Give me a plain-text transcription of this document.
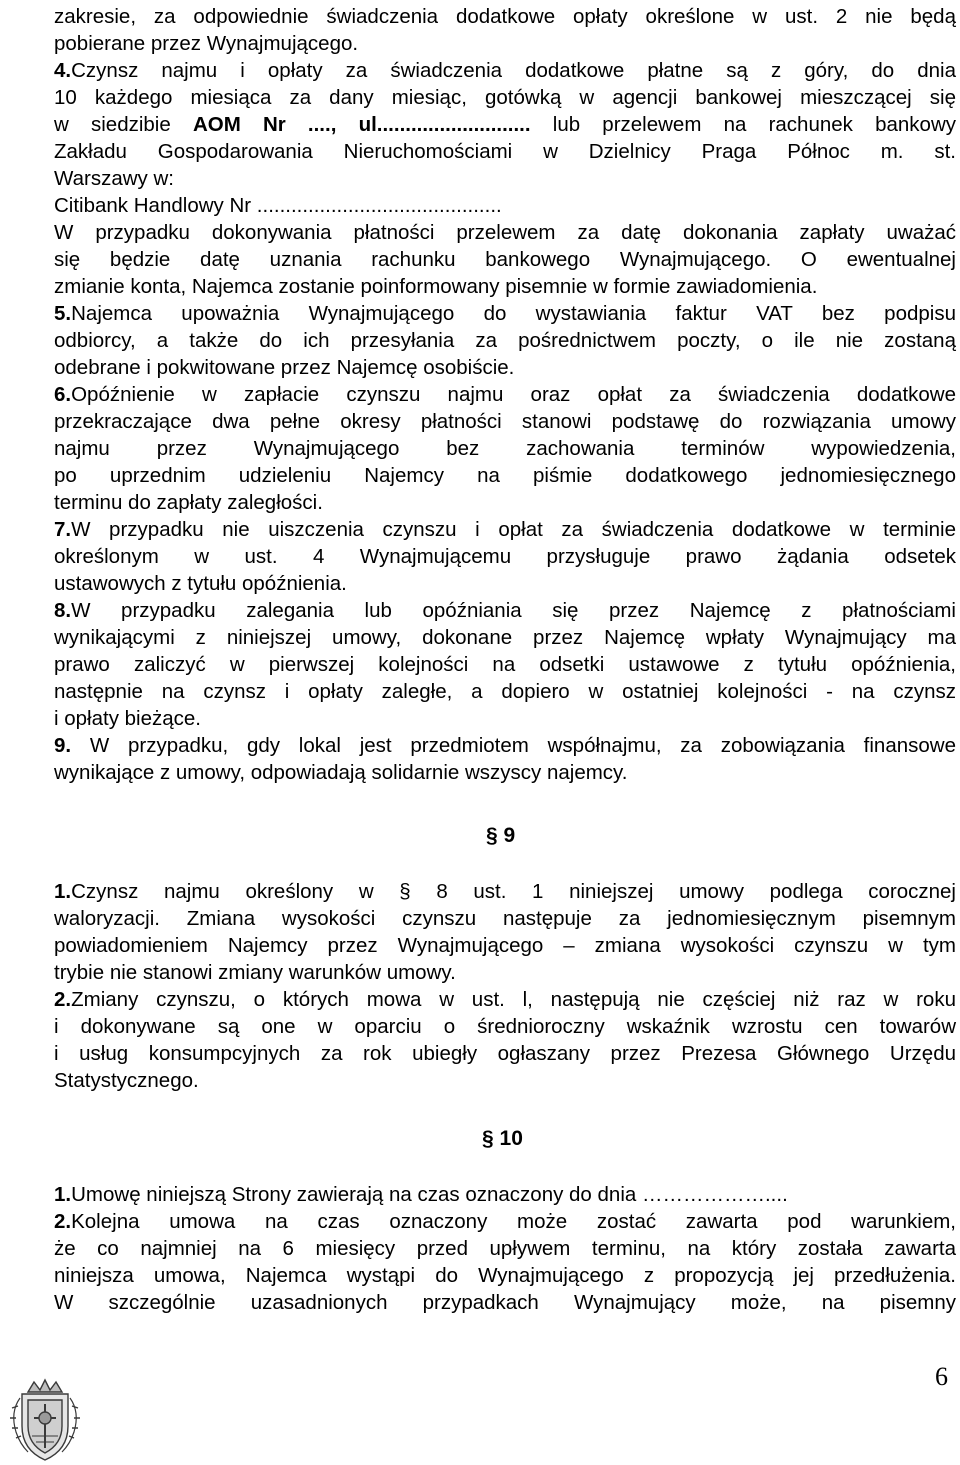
zakresie, za odpowiednie świadczenia dodatkowe opłaty określone w ust. 2 nie będą
pobierane przez Wynajmującego.
4.Czynsz najmu i opłaty za świadczenia dodatkowe płatne są z góry, do dnia
10 każdego miesiąca za dany miesiąc, gotówką w agencji bankowej mieszczącej się
w siedzibie AOM Nr ...., ul........................... lub przelewem na rachunek bankowy
Zakładu Gospodarowania Nieruchomościami w Dzielnicy Praga Północ m. st.
Warszawy w:
Citibank Handlowy Nr ...........................................
W przypadku dokonywania płatności przelewem za datę dokonania zapłaty uważać
się będzie datę uznania rachunku bankowego Wynajmującego. O ewentualnej
zmianie konta, Najemca zostanie poinformowany pisemnie w formie zawiadomienia.
5.Najemca upoważnia Wynajmującego do wystawiania faktur VAT bez podpisu
odbiorcy, a także do ich przesyłania za pośrednictwem poczty, o ile nie zostaną
odebrane i pokwitowane przez Najemcę osobiście.
6.Opóźnienie w zapłacie czynszu najmu oraz opłat za świadczenia dodatkowe
przekraczające dwa pełne okresy płatności stanowi podstawę do rozwiązania umowy
najmu przez Wynajmującego bez zachowania terminów wypowiedzenia,
po uprzednim udzieleniu Najemcy na piśmie dodatkowego jednomiesięcznego
terminu do zapłaty zaległości.
7.W przypadku nie uiszczenia czynszu i opłat za świadczenia dodatkowe w terminie
określonym w ust. 4 Wynajmującemu przysługuje prawo żądania odsetek
ustawowych z tytułu opóźnienia.
8.W przypadku zalegania lub opóźniania się przez Najemcę z płatnościami
wynikającymi z niniejszej umowy, dokonane przez Najemcę wpłaty Wynajmujący ma
prawo zaliczyć w pierwszej kolejności na odsetki ustawowe z tytułu opóźnienia,
następnie na czynsz i opłaty zaległe, a dopiero w ostatniej kolejności - na czynsz
i opłaty bieżące.
9. W przypadku, gdy lokal jest przedmiotem współnajmu, za zobowiązania finansowe
wynikające z umowy, odpowiadają solidarnie wszyscy najemcy.
§ 9
1.Czynsz najmu określony w § 8 ust. 1 niniejszej umowy podlega corocznej
waloryzacji. Zmiana wysokości czynszu następuje za jednomiesięcznym pisemnym
powiadomieniem Najemcy przez Wynajmującego – zmiana wysokości czynszu w tym
trybie nie stanowi zmiany warunków umowy.
2.Zmiany czynszu, o których mowa w ust. l, następują nie częściej niż raz w roku
i dokonywane są one w oparciu o średnioroczny wskaźnik wzrostu cen towarów
i usług konsumpcyjnych za rok ubiegły ogłaszany przez Prezesa Głównego Urzędu
Statystycznego.
§ 10
1.Umowę niniejszą Strony zawierają na czas oznaczony do dnia ………………....
2.Kolejna umowa na czas oznaczony może zostać zawarta pod warunkiem,
że co najmniej na 6 miesięcy przed upływem terminu, na który została zawarta
niniejsza umowa, Najemca wystąpi do Wynajmującego z propozycją jej przedłużenia.
W szczególnie uzasadnionych przypadkach Wynajmujący może, na pisemny
6
